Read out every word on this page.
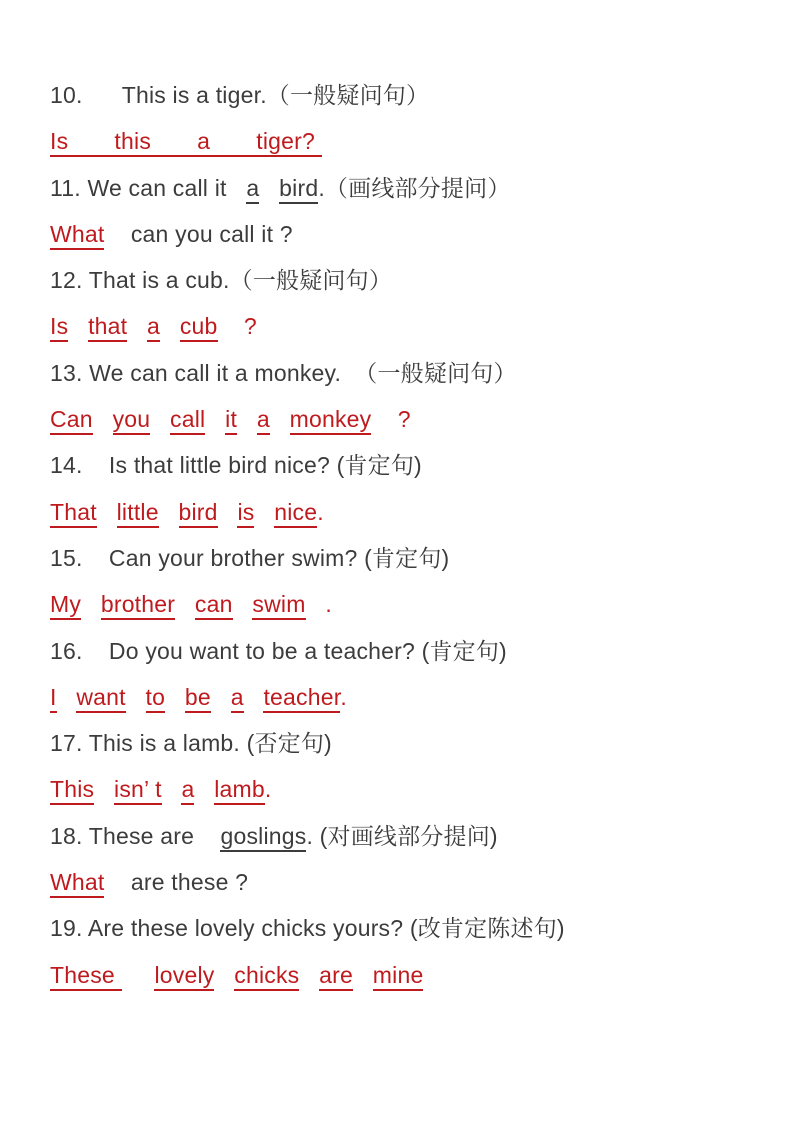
10.      This is a tiger.（一般疑问句）
Is       this       a       tiger?
11. We can call it a bird.（画线部分提问）
What can you call it ?
12. That is a cub.（一般疑问句）
Is that a cub ?
13. We can call it a monkey.  （一般疑问句）
Can you call it a monkey ?
14.    Is that little bird nice? (肯定句)
That little bird is nice.
15.    Can your brother swim? (肯定句)
My brother can swim .
16.    Do you want to be a teacher? (肯定句)
I want to be a teacher.
17. This is a lamb. (否定句)
This isn’ t a lamb.
18. These are goslings. (对画线部分提问)
What are these ?
19. Are these lovely chicks yours? (改肯定陈述句)
These      lovely chicks are mine
